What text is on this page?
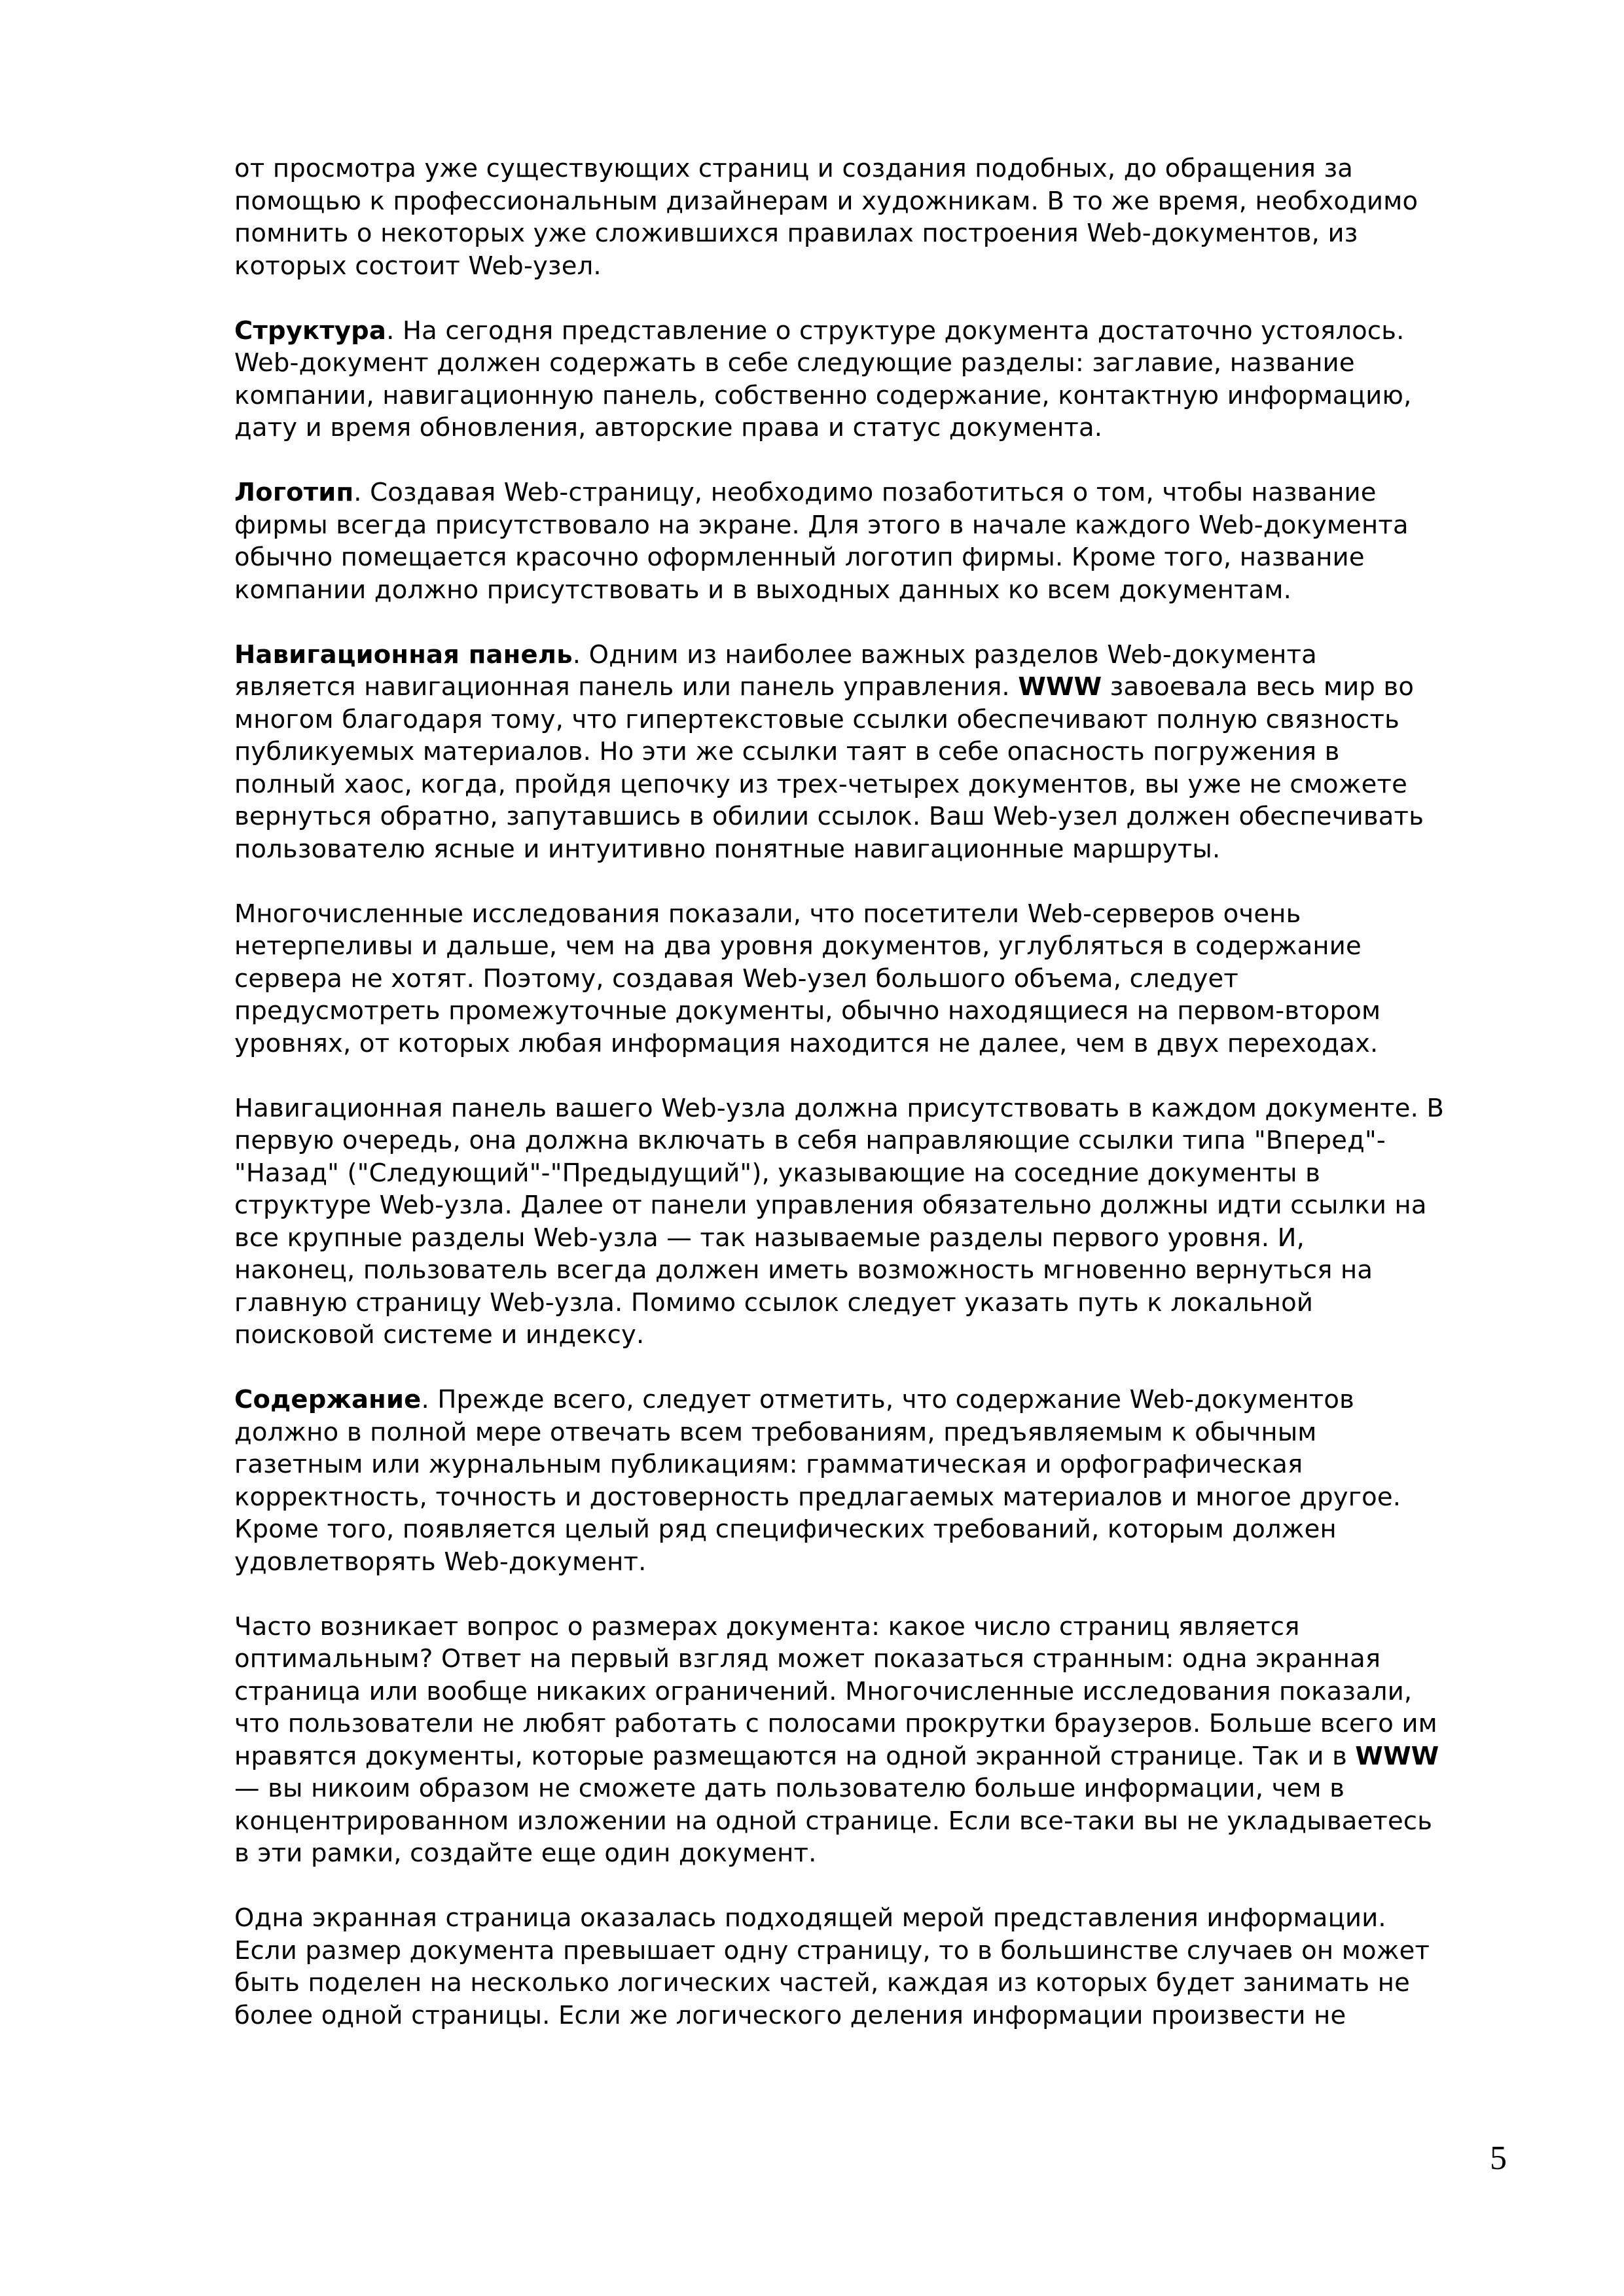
от просмотра уже существующих страниц и создания подобных, до обращения за
помощью к профессиональным дизайнерам и художникам. В то же время, необходимо
помнить о некоторых уже сложившихся правилах построения Web-документов, из
которых состоит Web-узел.
Структура. На сегодня представление о структуре документа достаточно устоялось.
Web-документ должен содержать в себе следующие разделы: заглавие, название
компании, навигационную панель, собственно содержание, контактную информацию,
дату и время обновления, авторские права и статус документа.
Логотип. Создавая Web-страницу, необходимо позаботиться о том, чтобы название
фирмы всегда присутствовало на экране. Для этого в начале каждого Web-документа
обычно помещается красочно оформленный логотип фирмы. Кроме того, название
компании должно присутствовать и в выходных данных ко всем документам.
Навигационная панель. Одним из наиболее важных разделов Web-документа
является навигационная панель или панель управления. WWW завоевала весь мир во
многом благодаря тому, что гипертекстовые ссылки обеспечивают полную связность
публикуемых материалов. Но эти же ссылки таят в себе опасность погружения в
полный хаос, когда, пройдя цепочку из трех-четырех документов, вы уже не сможете
вернуться обратно, запутавшись в обилии ссылок. Ваш Web-узел должен обеспечивать
пользователю ясные и интуитивно понятные навигационные маршруты.
Многочисленные исследования показали, что посетители Web-серверов очень
нетерпеливы и дальше, чем на два уровня документов, углубляться в содержание
сервера не хотят. Поэтому, создавая Web-узел большого объема, следует
предусмотреть промежуточные документы, обычно находящиеся на первом-втором
уровнях, от которых любая информация находится не далее, чем в двух переходах.
Навигационная панель вашего Web-узла должна присутствовать в каждом документе. В
первую очередь, она должна включать в себя направляющие ссылки типа "Вперед"-
"Назад" ("Следующий"-"Предыдущий"), указывающие на соседние документы в
структуре Web-узла. Далее от панели управления обязательно должны идти ссылки на
все крупные разделы Web-узла — так называемые разделы первого уровня. И,
наконец, пользователь всегда должен иметь возможность мгновенно вернуться на
главную страницу Web-узла. Помимо ссылок следует указать путь к локальной
поисковой системе и индексу.
Содержание. Прежде всего, следует отметить, что содержание Web-документов
должно в полной мере отвечать всем требованиям, предъявляемым к обычным
газетным или журнальным публикациям: грамматическая и орфографическая
корректность, точность и достоверность предлагаемых материалов и многое другое.
Кроме того, появляется целый ряд специфических требований, которым должен
удовлетворять Web-документ.
Часто возникает вопрос о размерах документа: какое число страниц является
оптимальным? Ответ на первый взгляд может показаться странным: одна экранная
страница или вообще никаких ограничений. Многочисленные исследования показали,
что пользователи не любят работать с полосами прокрутки браузеров. Больше всего им
нравятся документы, которые размещаются на одной экранной странице. Так и в WWW
— вы никоим образом не сможете дать пользователю больше информации, чем в
концентрированном изложении на одной странице. Если все-таки вы не укладываетесь
в эти рамки, создайте еще один документ.
Одна экранная страница оказалась подходящей мерой представления информации.
Если размер документа превышает одну страницу, то в большинстве случаев он может
быть поделен на несколько логических частей, каждая из которых будет занимать не
более одной страницы. Если же логического деления информации произвести не
5
